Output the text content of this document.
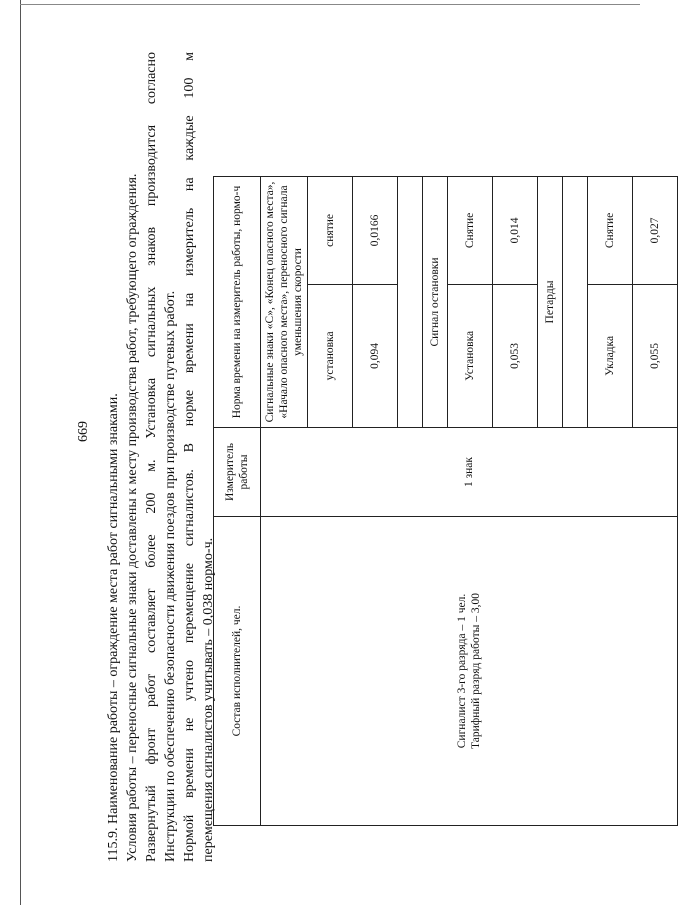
669 115.9. Наименование работы – ограждение места работ сигнальными знаками. Условия работы – переносные сигнальные знаки доставлены к месту производства работ, требующего ограждения. Развернутый фронт работ составляет более 200 м. Установка сигнальных знаков производится согласно Инструкции по обеспечению безопасности движения поездов при производстве путевых работ. Нормой времени не учтено перемещение сигналистов. В норме времени на измеритель на каждые 100 м перемещения сигналистов учитывать – 0,038 нормо-ч. Состав исполнителей, чел.	Измеритель работы	Норма времени на измеритель работы, нормо-ч	

Сигналист 3-го разряда – 1 чел. Тарифный разряд работы – 3,00	1 знак	Сигнальные знаки «С», «Конец опасного места», «Начало опасного места», переносного сигнала уменьшения скорости	
		установка	снятие
		0,094	0,0166

		Сигнал остановки	
		Установка	Снятие
		0,053	0,014
		Петарды	

		Укладка	Снятие
		0,055	0,027
